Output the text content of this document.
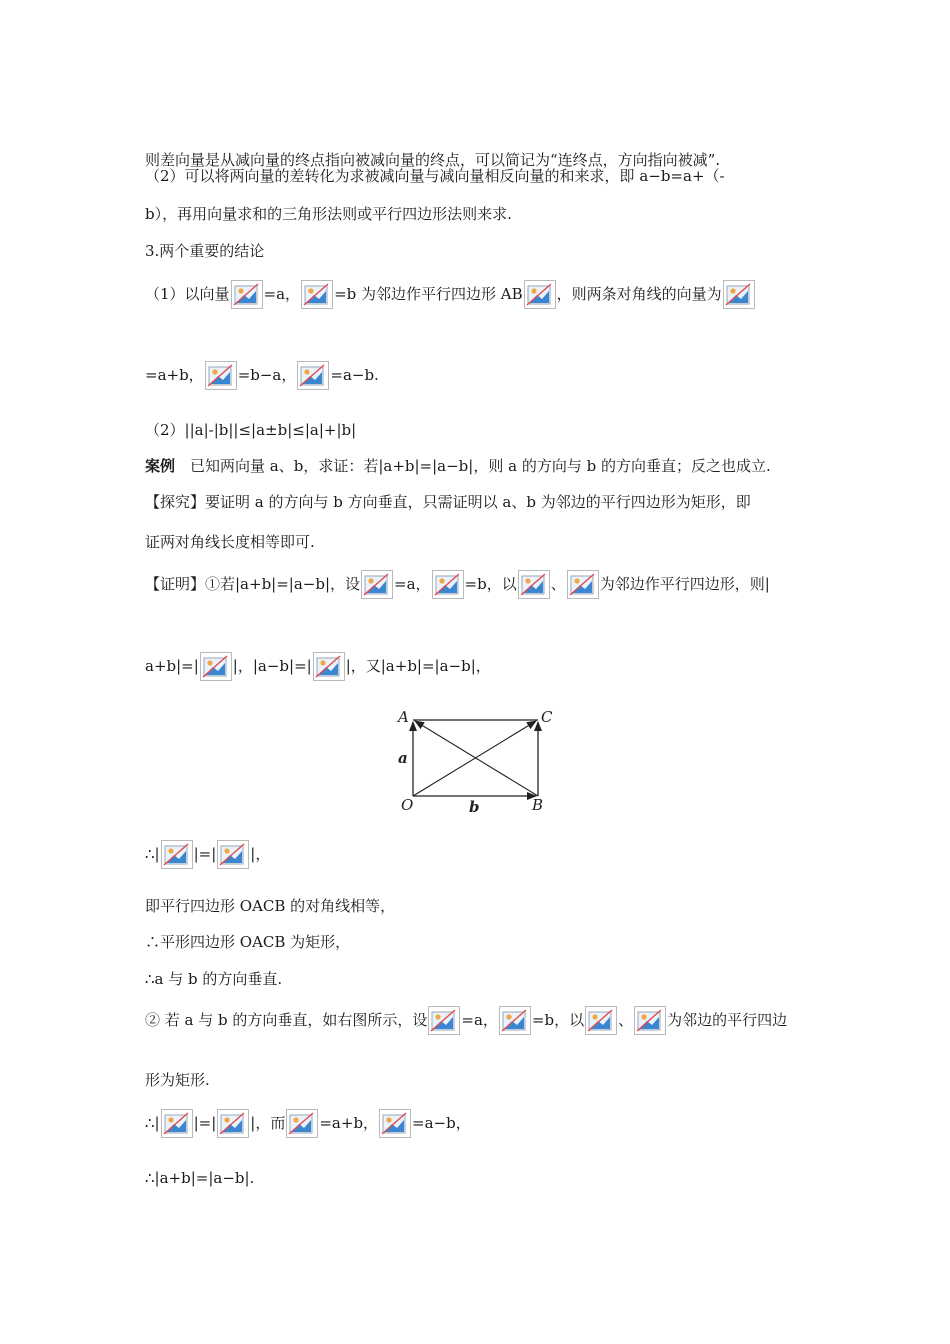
则差向量是从减向量的终点指向被减向量的终点，可以简记为“连终点，方向指向被减”.
（2）可以将两向量的差转化为求被减向量与减向量相反向量的和来求，即 a−b=a+（-
b），再用向量求和的三角形法则或平行四边形法则来求.
3.两个重要的结论
（1）以向量 =a， =b 为邻边作平行四边形 AB ，则两条对角线的向量为
=a+b， =b−a， =a−b.
（2）||a|-|b||≤|a±b|≤|a|+|b|
案例　已知两向量 a、b，求证：若|a+b|=|a−b|，则 a 的方向与 b 的方向垂直；反之也成立.
【探究】要证明 a 的方向与 b 方向垂直，只需证明以 a、b 为邻边的平行四边形为矩形，即
证两对角线长度相等即可.
【证明】①若|a+b|=|a−b|，设 =a， =b，以 、 为邻边作平行四边形，则|
a+b|=| |，|a−b|=| |，又|a+b|=|a−b|，
A	C
O	B
a
b
∴| |=| |，
即平行四边形 OACB 的对角线相等，
∴平形四边形 OACB 为矩形，
∴a 与 b 的方向垂直.
② 若 a 与 b 的方向垂直，如右图所示，设 =a， =b，以 、 为邻边的平行四边
形为矩形.
∴| |=| |，而 =a+b， =a−b，
∴|a+b|=|a−b|.
